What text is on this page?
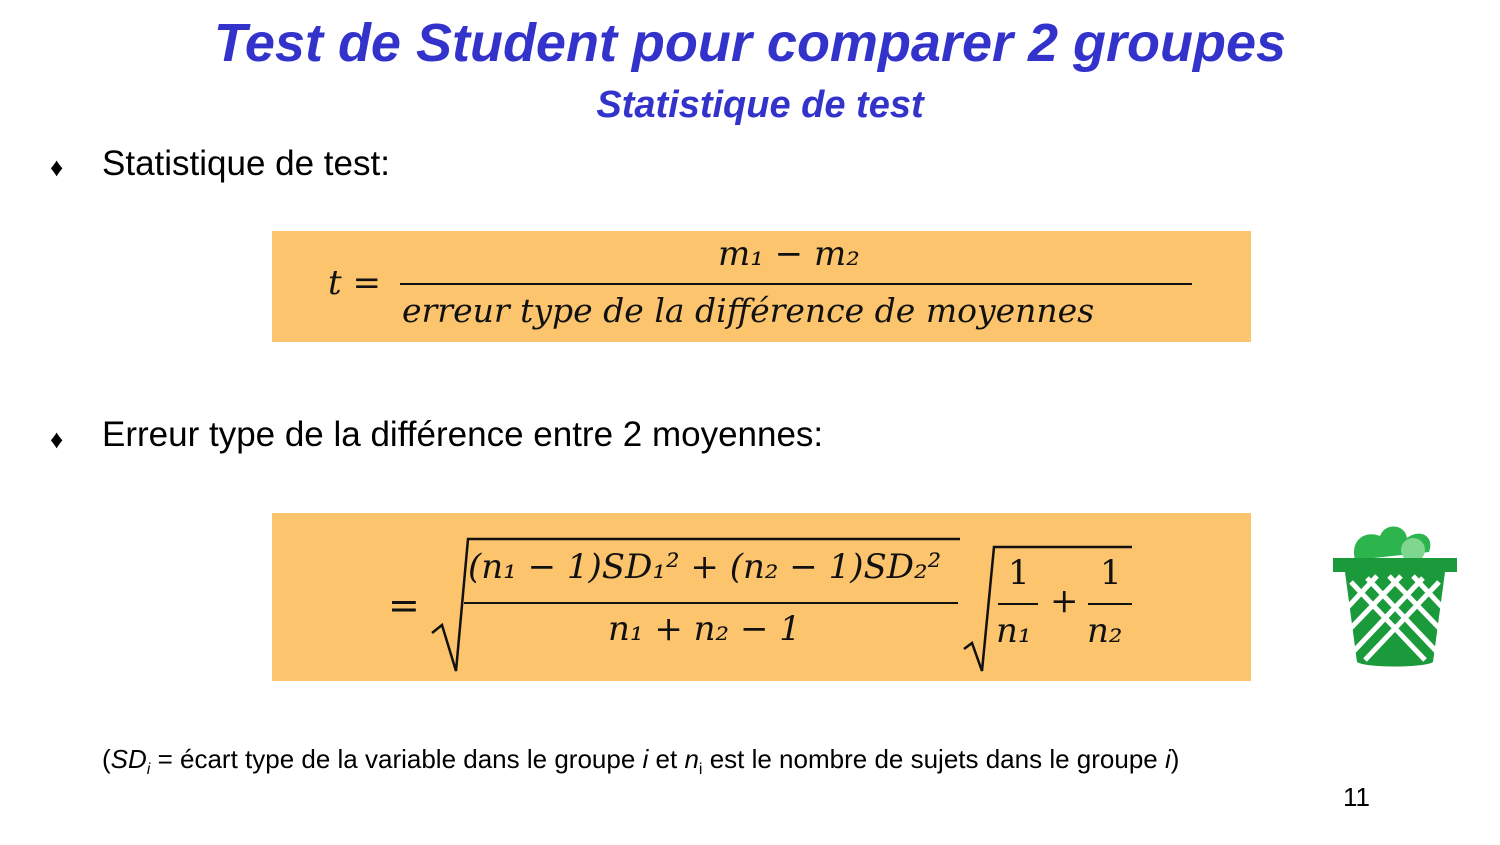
Test de Student pour comparer 2 groupes
Statistique de test
♦ Statistique de test:
t =
m₁ − m₂
erreur type de la différence de moyennes
♦ Erreur type de la différence entre 2 moyennes:
=
(n₁ − 1)SD₁² + (n₂ − 1)SD₂²
n₁ + n₂ − 1
1
n₁
+
1
n₂
($SD_i$ = écart type de la variable dans le groupe i et $n_i$ est le nombre de sujets dans le groupe i)
11
